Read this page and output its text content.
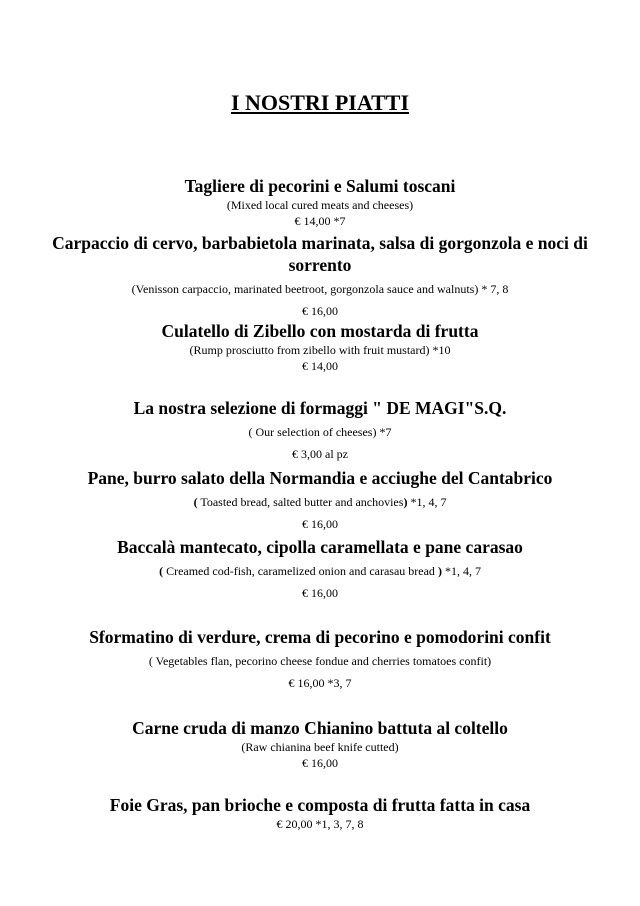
I NOSTRI PIATTI

Tagliere di pecorini e Salumi toscani

(Mixed local cured meats and cheeses)

€ 14,00 *7

Carpaccio di cervo, barbabietola marinata, salsa di gorgonzola e noci di sorrento

(Venisson carpaccio, marinated beetroot, gorgonzola sauce and walnuts) * 7, 8

€ 16,00

Culatello di Zibello con mostarda di frutta

(Rump prosciutto from zibello with fruit mustard) *10

€ 14,00

La nostra selezione di formaggi " DE MAGI"S.Q.

( Our selection of cheeses) *7

€ 3,00 al pz

Pane, burro salato della Normandia e acciughe del Cantabrico

( Toasted bread, salted butter and anchovies) *1, 4, 7

€ 16,00

Baccalà mantecato, cipolla caramellata e pane carasao

( Creamed cod-fish, caramelized onion and carasau bread ) *1, 4, 7

€ 16,00

Sformatino di verdure, crema di pecorino e pomodorini confit

( Vegetables flan, pecorino cheese fondue and cherries tomatoes confit)

€ 16,00 *3, 7

Carne cruda di manzo Chianino battuta al coltello

(Raw chianina beef knife cutted)

€ 16,00

Foie Gras, pan brioche e composta di frutta fatta in casa

€ 20,00 *1, 3, 7, 8
